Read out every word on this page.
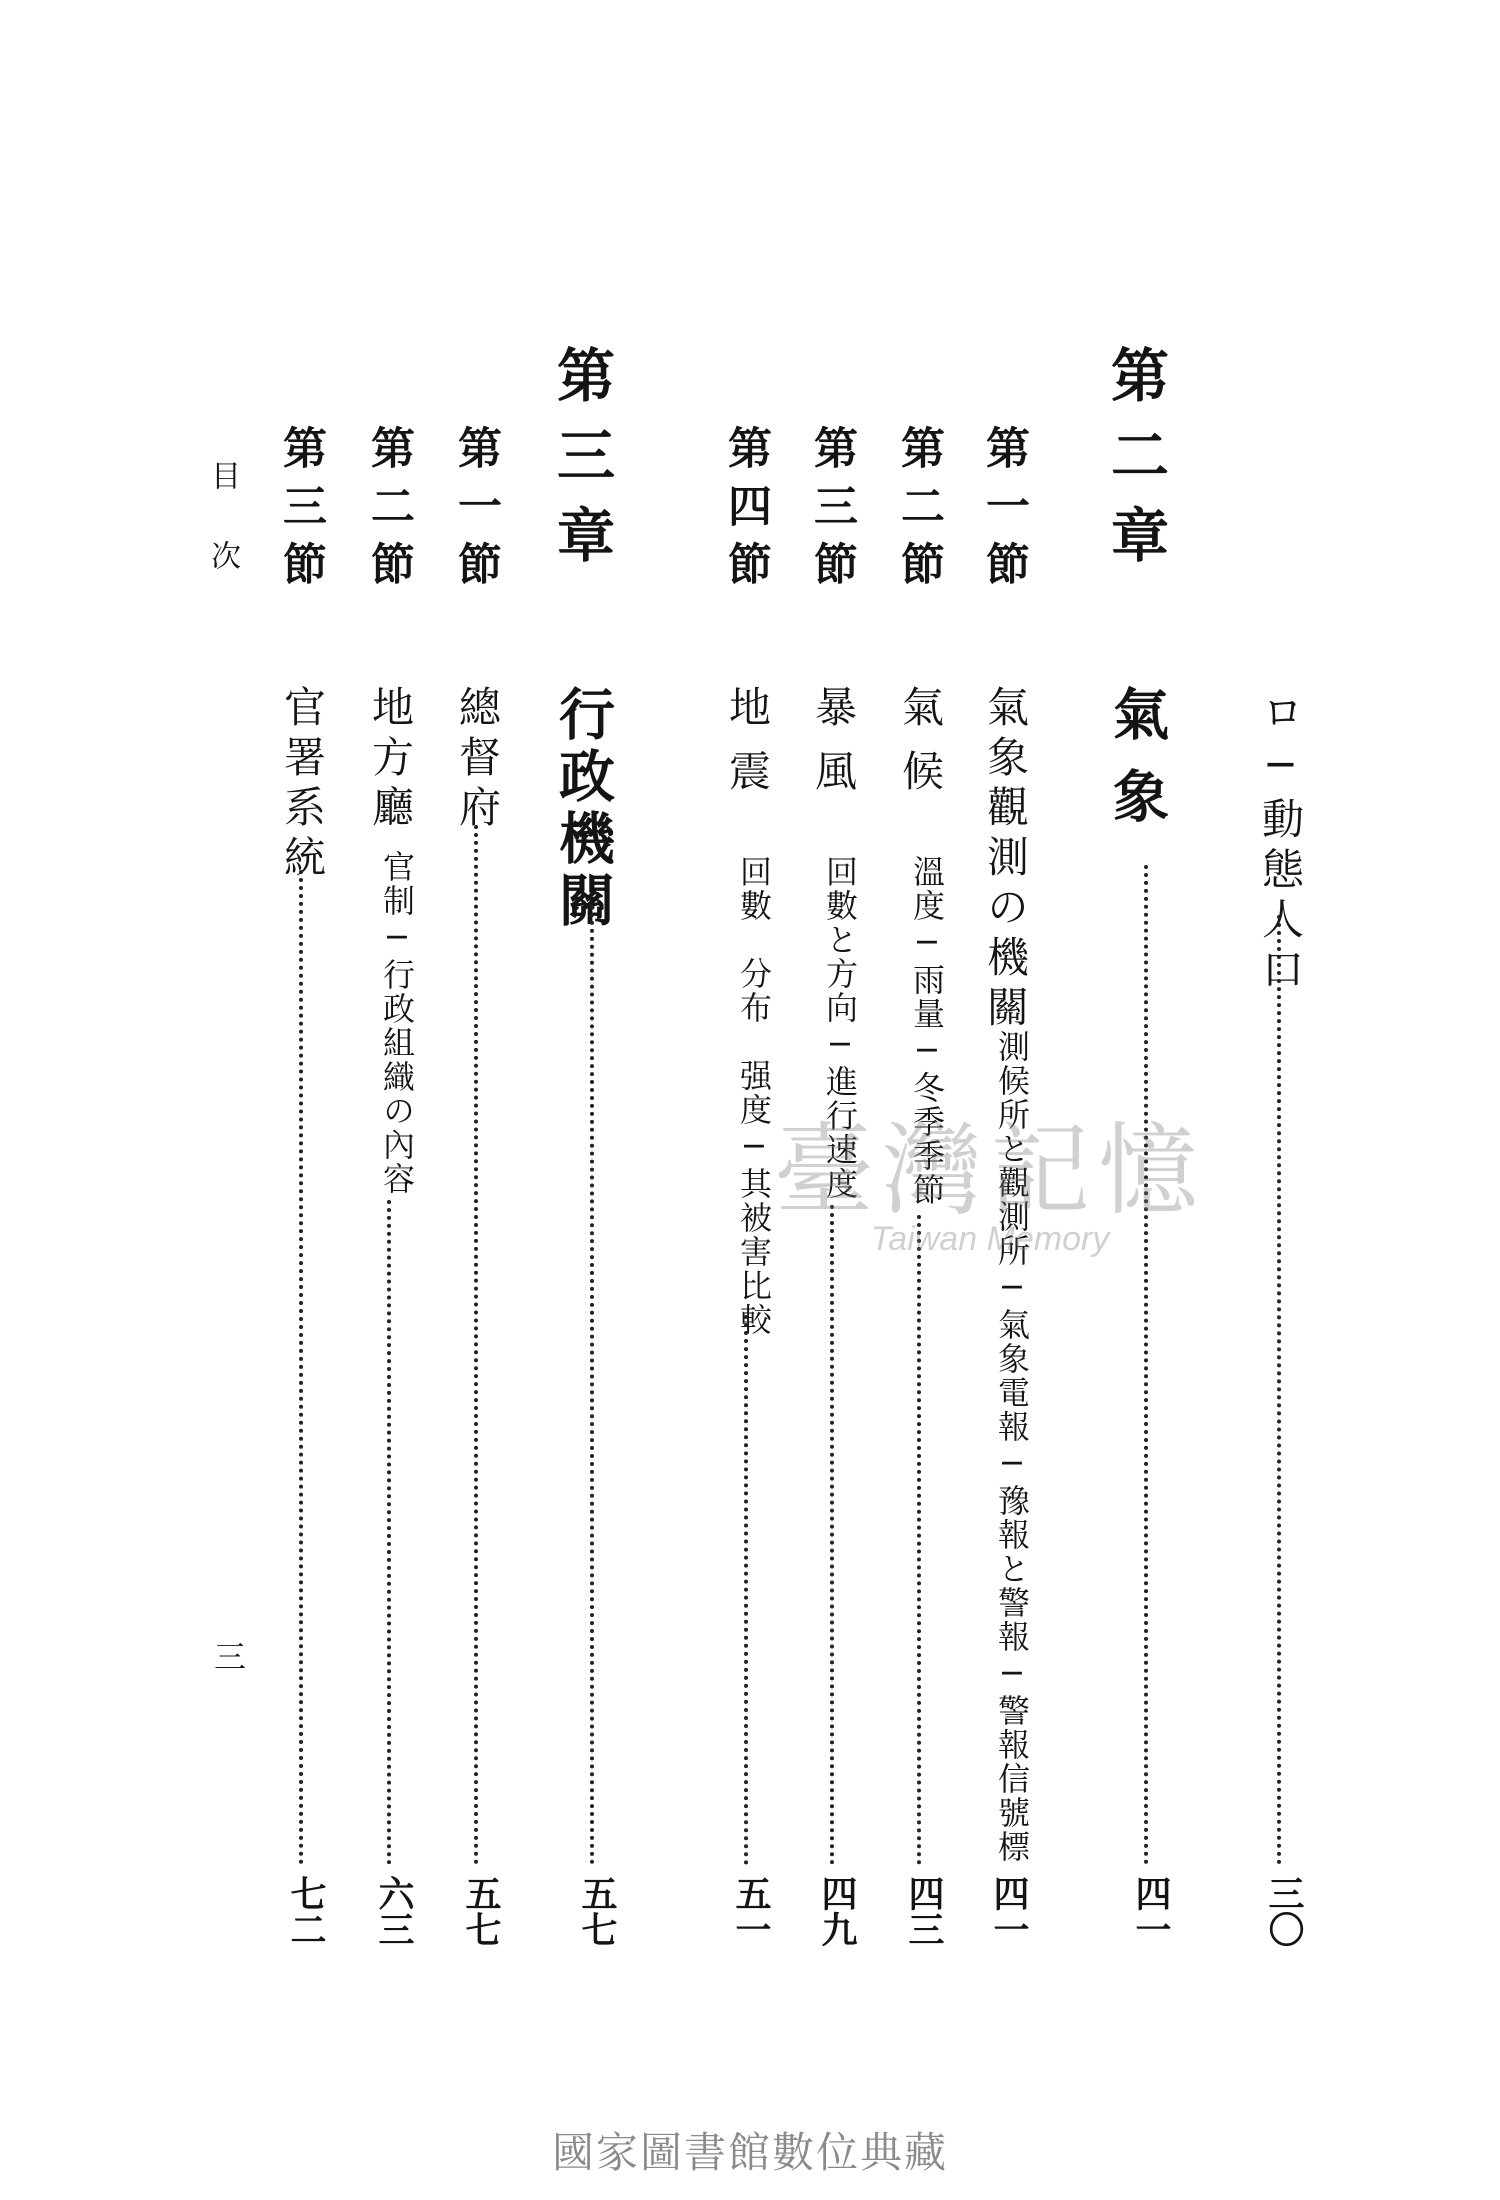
ロ─動態人口
三〇
第二章
氣象
四一
第一節
氣象觀測の機關
測候所と觀測所─氣象電報─豫報と警報─警報信號標
四一
第二節
氣候
溫度─雨量─冬季季節
四三
第三節
暴風
回數と方向─進行速度
四九
第四節
地震
回數　分布　强度─其被害比較
五一
第三章
行政機關
五七
第一節
總督府
五七
第二節
地方廳
官制─行政組織の內容
六三
第三節
官署系統
七二
目次
三
臺灣記憶
Taiwan Memory
國家圖書館數位典藏
